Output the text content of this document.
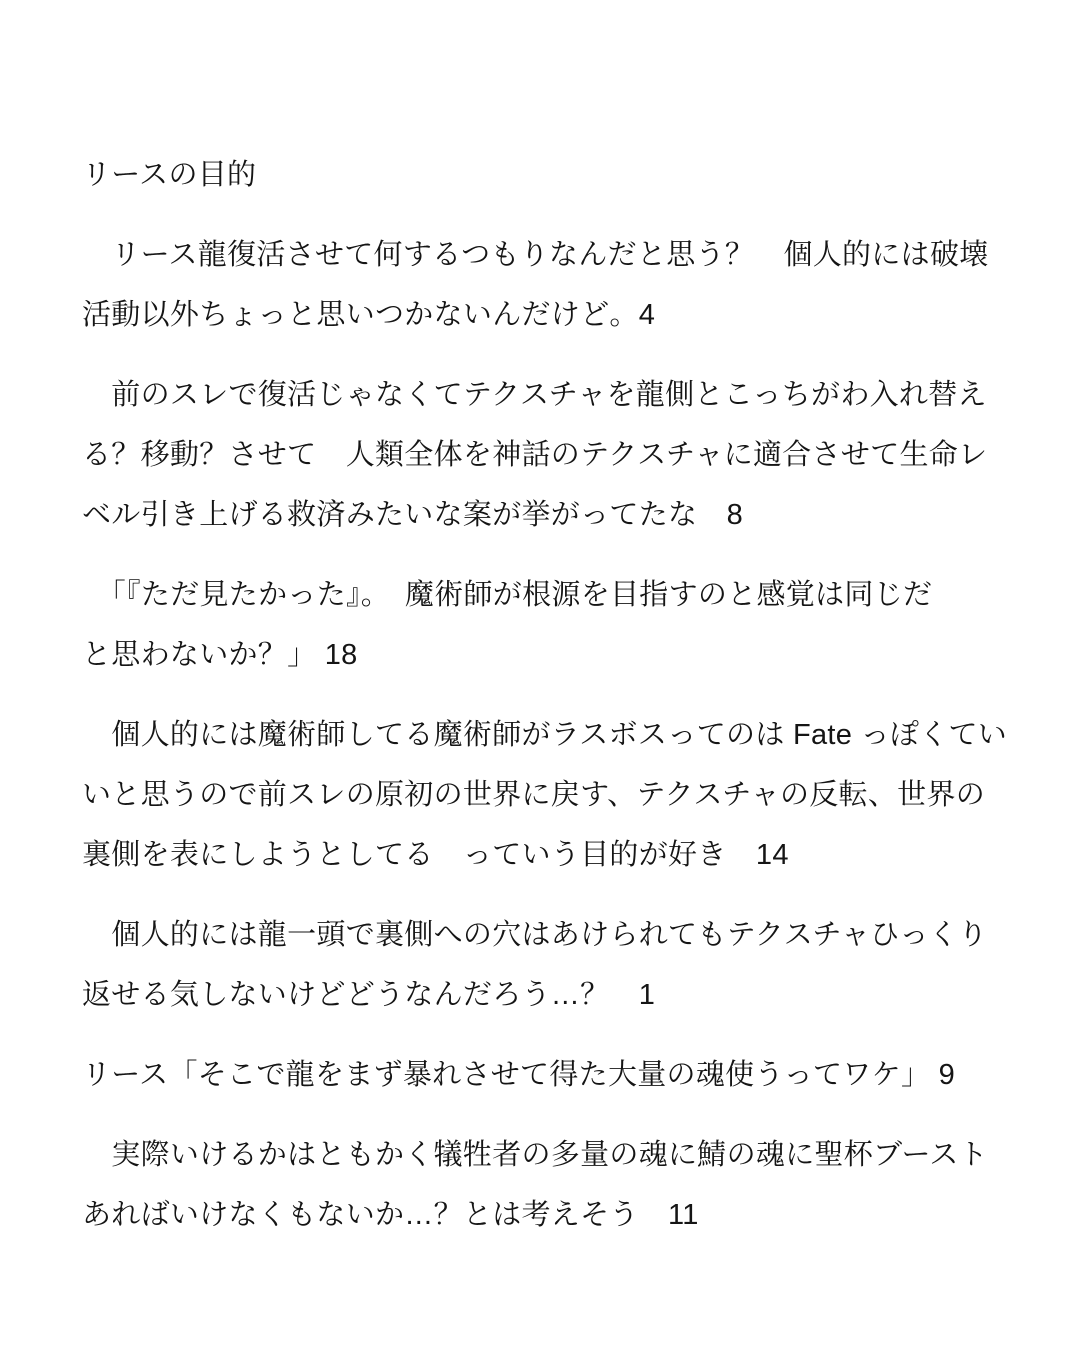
リースの目的
　リース龍復活させて何するつもりなんだと思う？　個人的には破壊
活動以外ちょっと思いつかないんだけど。4
　前のスレで復活じゃなくてテクスチャを龍側とこっちがわ入れ替え
る？移動？させて　人類全体を神話のテクスチャに適合させて生命レ
ベル引き上げる救済みたいな案が挙がってたな　8
　「『ただ見たかった』。　魔術師が根源を目指すのと感覚は同じだ
と思わないか？」 18
　個人的には魔術師してる魔術師がラスボスってのは Fate っぽくてい
いと思うので前スレの原初の世界に戻す、テクスチャの反転、世界の
裏側を表にしようとしてる　っていう目的が好き　14
　個人的には龍一頭で裏側への穴はあけられてもテクスチャひっくり
返せる気しないけどどうなんだろう…？　1
リース「そこで龍をまず暴れさせて得た大量の魂使うってワケ」 9
　実際いけるかはともかく犠牲者の多量の魂に鯖の魂に聖杯ブースト
あればいけなくもないか…？とは考えそう　11
